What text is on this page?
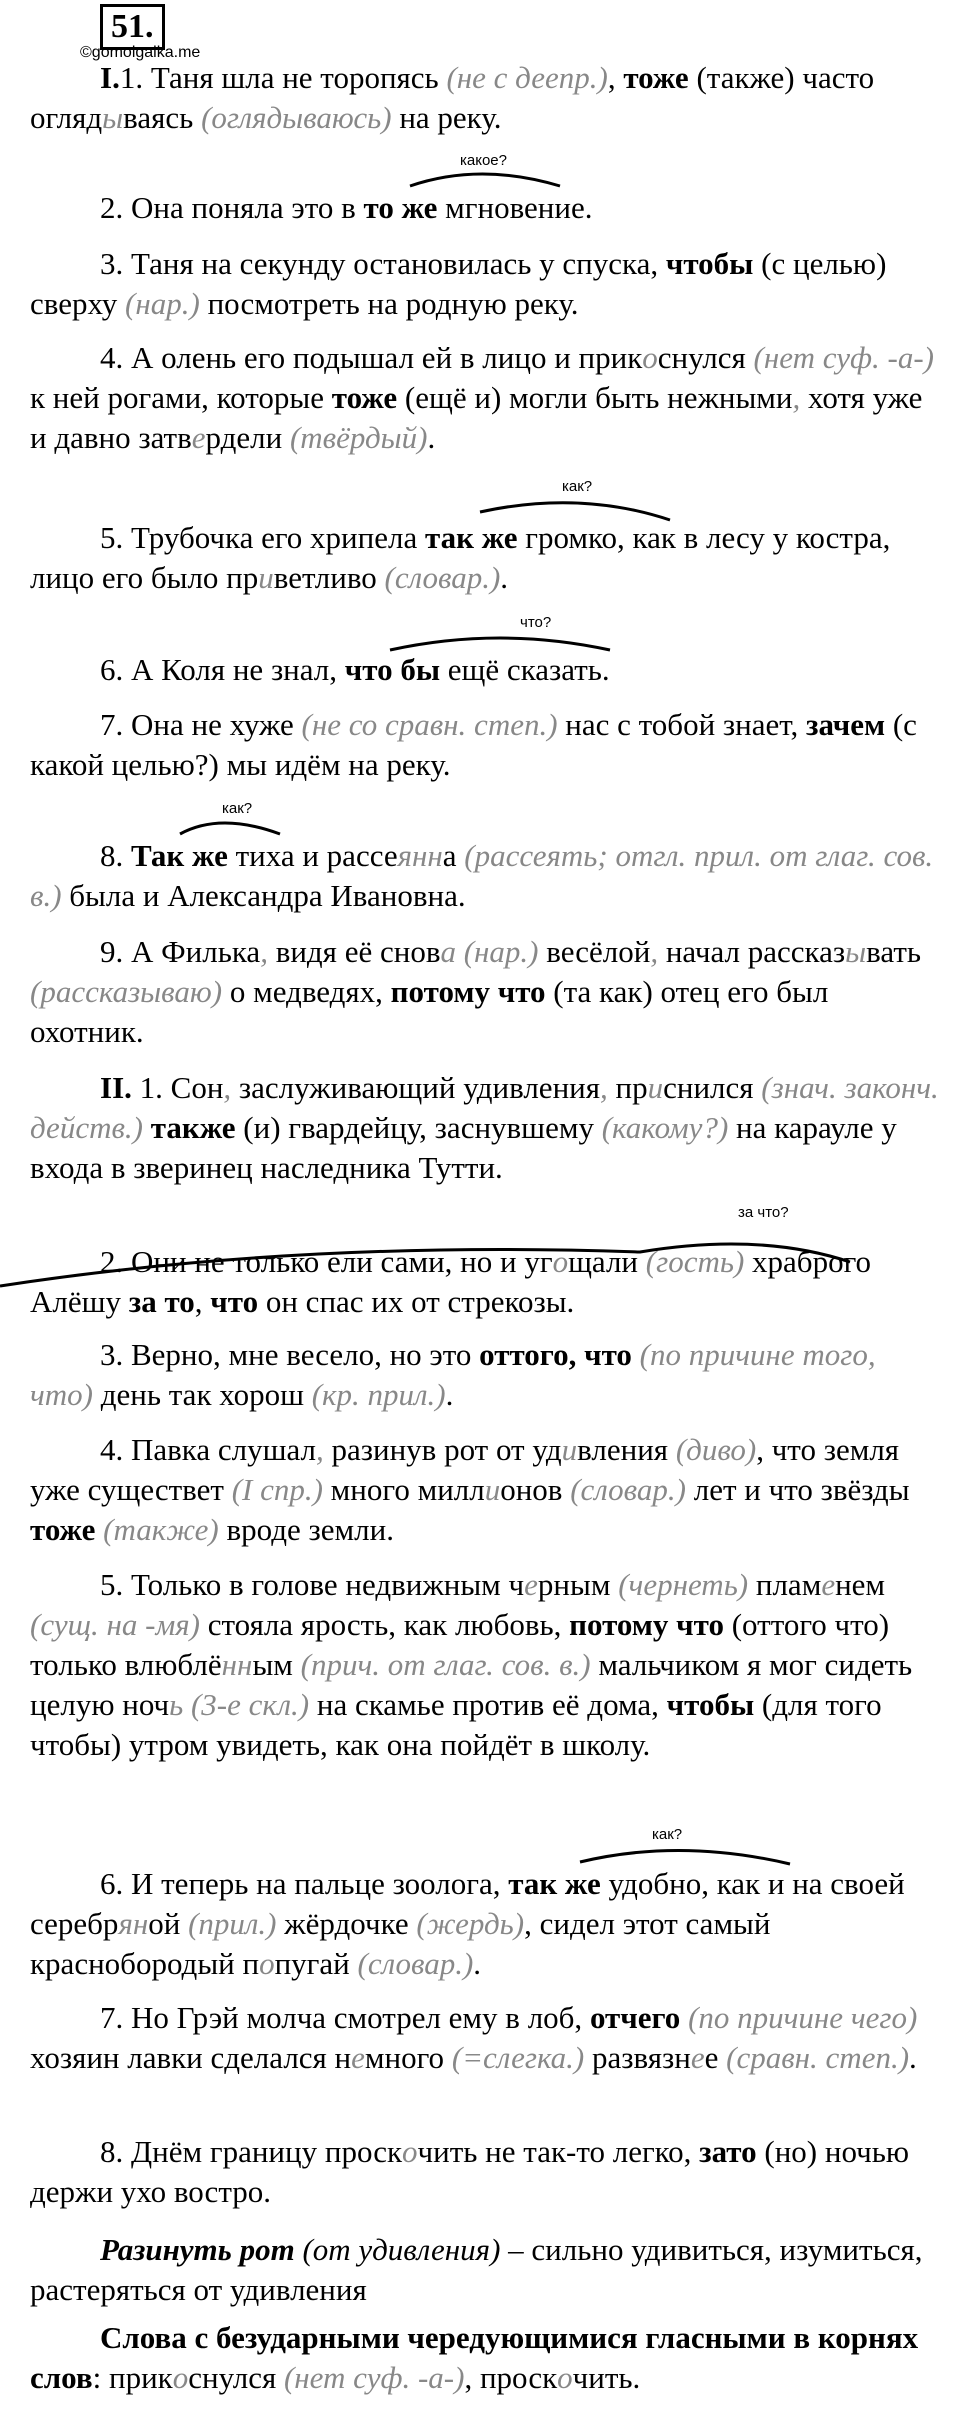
51.
©gomolgalka.me

I.1. Таня шла не торопясь (не с деепр.), тоже (также) часто оглядываясь (оглядываюсь) на реку.

2. Она поняла это в то же мгновение.

3. Таня на секунду остановилась у спуска, чтобы (с целью) сверху (нар.) посмотреть на родную реку.

4. А олень его подышал ей в лицо и прикоснулся (нет суф. -а-) к ней рогами, которые тоже (ещё и) могли быть нежными, хотя уже и давно затвердели (твёрдый).

5. Трубочка его хрипела так же громко, как в лесу у костра, лицо его было приветливо (словар.).

6. А Коля не знал, что бы ещё сказать.

7. Она не хуже (не со сравн. степ.) нас с тобой знает, зачем (с какой целью?) мы идём на реку.

8. Так же тиха и рассеянна (рассеять; отгл. прил. от глаг. сов. в.) была и Александра Ивановна.

9. А Филька, видя её снова (нар.) весёлой, начал рассказывать (рассказываю) о медведях, потому что (та как) отец его был охотник.

II. 1. Сон, заслуживающий удивления, приснился (знач. законч. действ.) также (и) гвардейцу, заснувшему (какому?) на карауле у входа в зверинец наследника Тутти.

2. Они не только ели сами, но и угощали (гость) храброго Алёшу за то, что он спас их от стрекозы.

3. Верно, мне весело, но это оттого, что (по причине того, что) день так хорош (кр. прил.).

4. Павка слушал, разинув рот от удивления (диво), что земля уже существет (I спр.) много миллионов (словар.) лет и что звёзды тоже (также) вроде земли.

5. Только в голове недвижным черным (чернеть) пламенем (сущ. на -мя) стояла ярость, как любовь, потому что (оттого что) только влюблённым (прич. от глаг. сов. в.) мальчиком я мог сидеть целую ночь (3-е скл.) на скамье против её дома, чтобы (для того чтобы) утром увидеть, как она пойдёт в школу.

6. И теперь на пальце зоолога, так же удобно, как и на своей серебряной (прил.) жёрдочке (жердь), сидел этот самый краснобородый попугай (словар.).

7. Но Грэй молча смотрел ему в лоб, отчего (по причине чего) хозяин лавки сделался немного (=слегка.) развязнее (сравн. степ.).

8. Днём границу проскочить не так-то легко, зато (но) ночью держи ухо востро.

Разинуть рот (от удивления) – сильно удивиться, изумиться, растеряться от удивления

Слова с безударными чередующимися гласными в корнях слов: прикоснулся (нет суф. -а-), проскочить.

какое?
как?
что?
как?
за что?
как?
